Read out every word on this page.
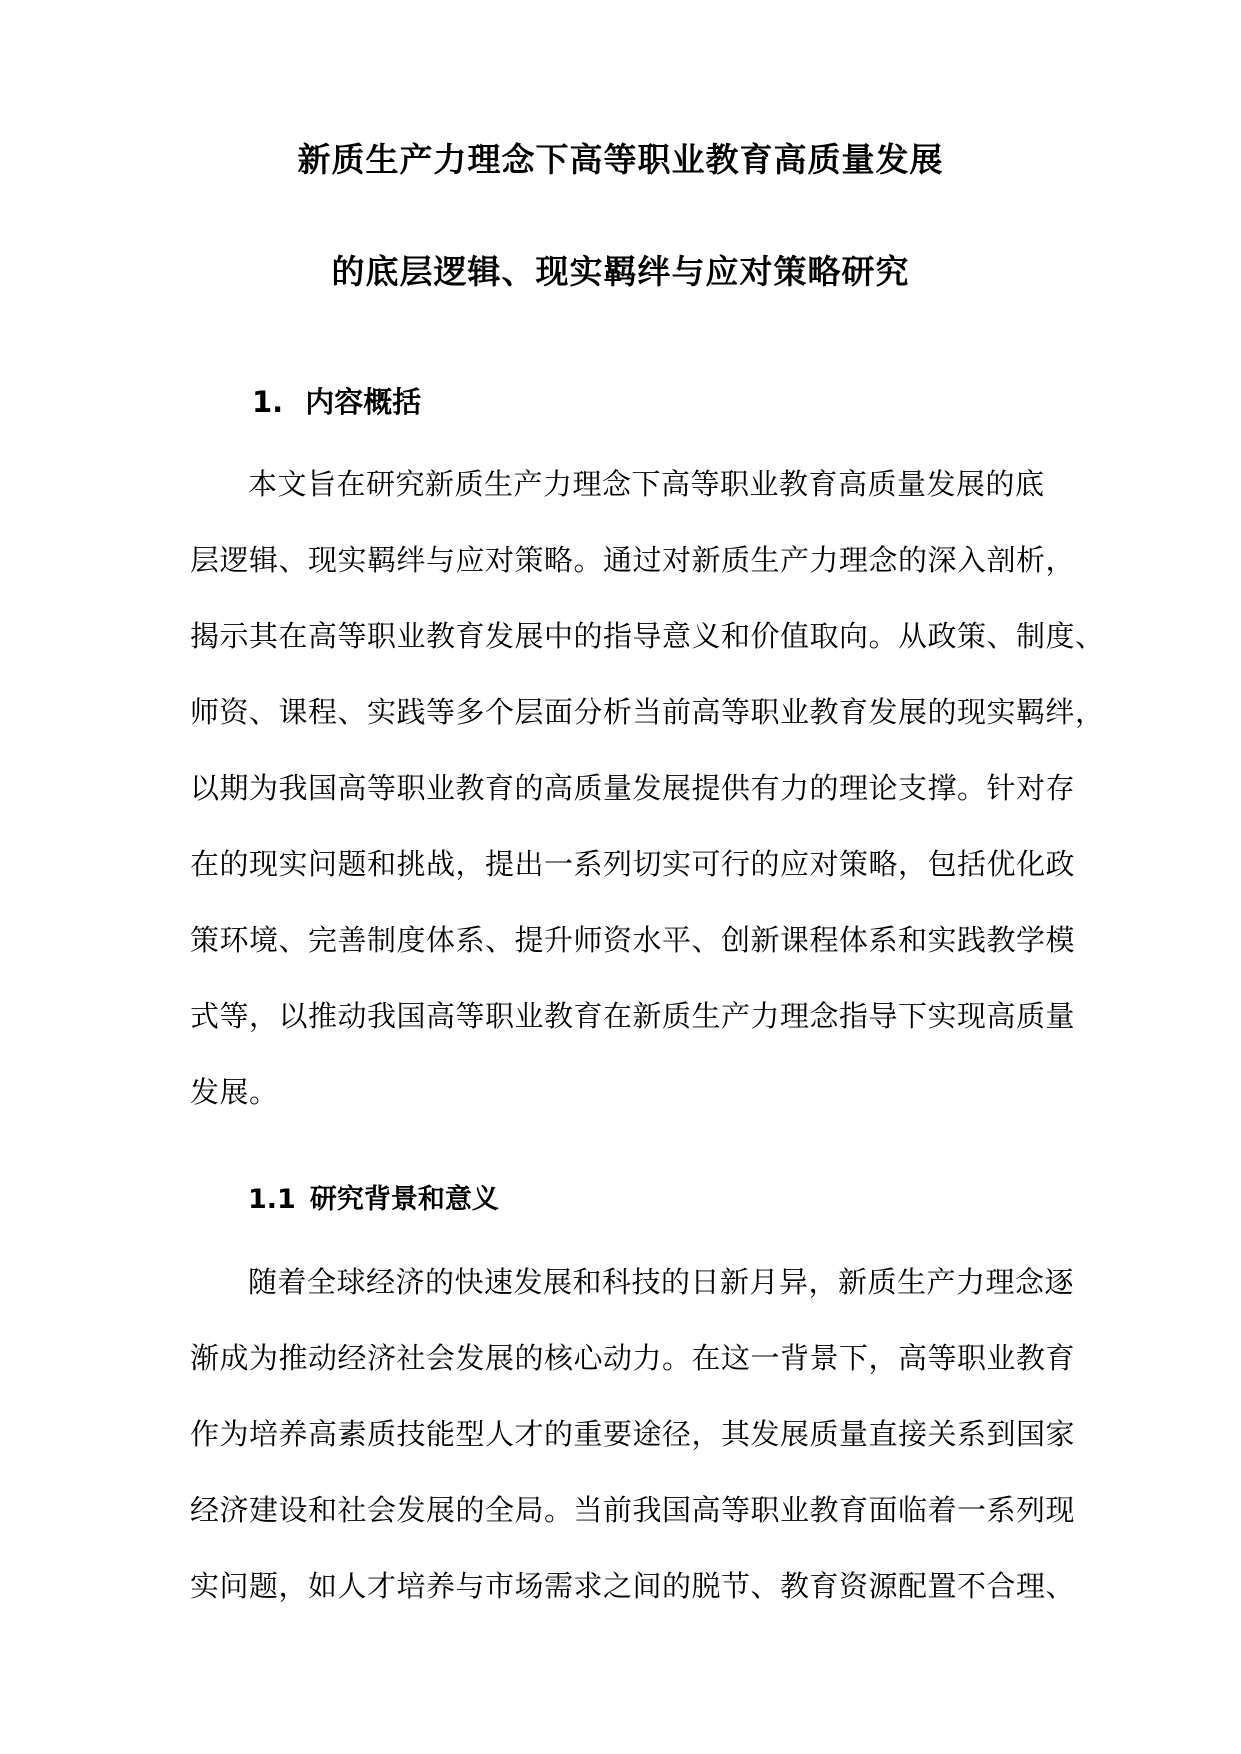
新质生产力理念下高等职业教育高质量发展
的底层逻辑、现实羁绊与应对策略研究
1. 内容概括
本文旨在研究新质生产力理念下高等职业教育高质量发展的底
层逻辑、现实羁绊与应对策略。通过对新质生产力理念的深入剖析，
揭示其在高等职业教育发展中的指导意义和价值取向。从政策、制度、
师资、课程、实践等多个层面分析当前高等职业教育发展的现实羁绊，
以期为我国高等职业教育的高质量发展提供有力的理论支撑。针对存
在的现实问题和挑战，提出一系列切实可行的应对策略，包括优化政
策环境、完善制度体系、提升师资水平、创新课程体系和实践教学模
式等，以推动我国高等职业教育在新质生产力理念指导下实现高质量
发展。
1.1 研究背景和意义
随着全球经济的快速发展和科技的日新月异，新质生产力理念逐
渐成为推动经济社会发展的核心动力。在这一背景下，高等职业教育
作为培养高素质技能型人才的重要途径，其发展质量直接关系到国家
经济建设和社会发展的全局。当前我国高等职业教育面临着一系列现
实问题，如人才培养与市场需求之间的脱节、教育资源配置不合理、
